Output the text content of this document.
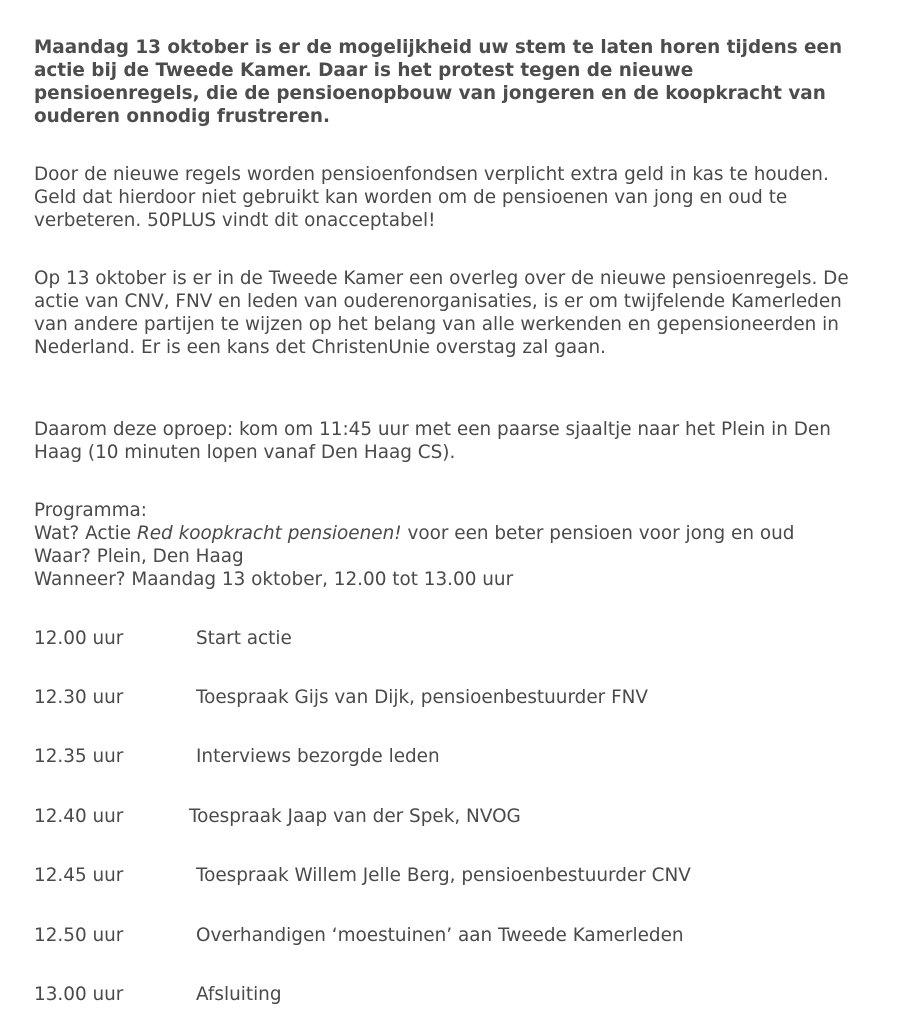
Maandag 13 oktober is er de mogelijkheid uw stem te laten horen tijdens een actie bij de Tweede Kamer. Daar is het protest tegen de nieuwe pensioenregels, die de pensioenopbouw van jongeren en de koopkracht van ouderen onnodig frustreren.

Door de nieuwe regels worden pensioenfondsen verplicht extra geld in kas te houden. Geld dat hierdoor niet gebruikt kan worden om de pensioenen van jong en oud te verbeteren. 50PLUS vindt dit onacceptabel!

Op 13 oktober is er in de Tweede Kamer een overleg over de nieuwe pensioenregels. De actie van CNV, FNV en leden van ouderenorganisaties, is er om twijfelende Kamerleden van andere partijen te wijzen op het belang van alle werkenden en gepensioneerden in Nederland. Er is een kans det ChristenUnie overstag zal gaan.

Daarom deze oproep: kom om 11:45 uur met een paarse sjaaltje naar het Plein in Den Haag (10 minuten lopen vanaf Den Haag CS).

Programma:
Wat? Actie Red koopkracht pensioenen! voor een beter pensioen voor jong en oud
Waar? Plein, Den Haag
Wanneer? Maandag 13 oktober, 12.00 tot 13.00 uur
12.00 uur	Start actie
12.30 uur	Toespraak Gijs van Dijk, pensioenbestuurder FNV
12.35 uur	Interviews bezorgde leden
12.40 uur	Toespraak Jaap van der Spek, NVOG
12.45 uur	Toespraak Willem Jelle Berg, pensioenbestuurder CNV
12.50 uur	Overhandigen ‘moestuinen’ aan Tweede Kamerleden
13.00 uur	Afsluiting
